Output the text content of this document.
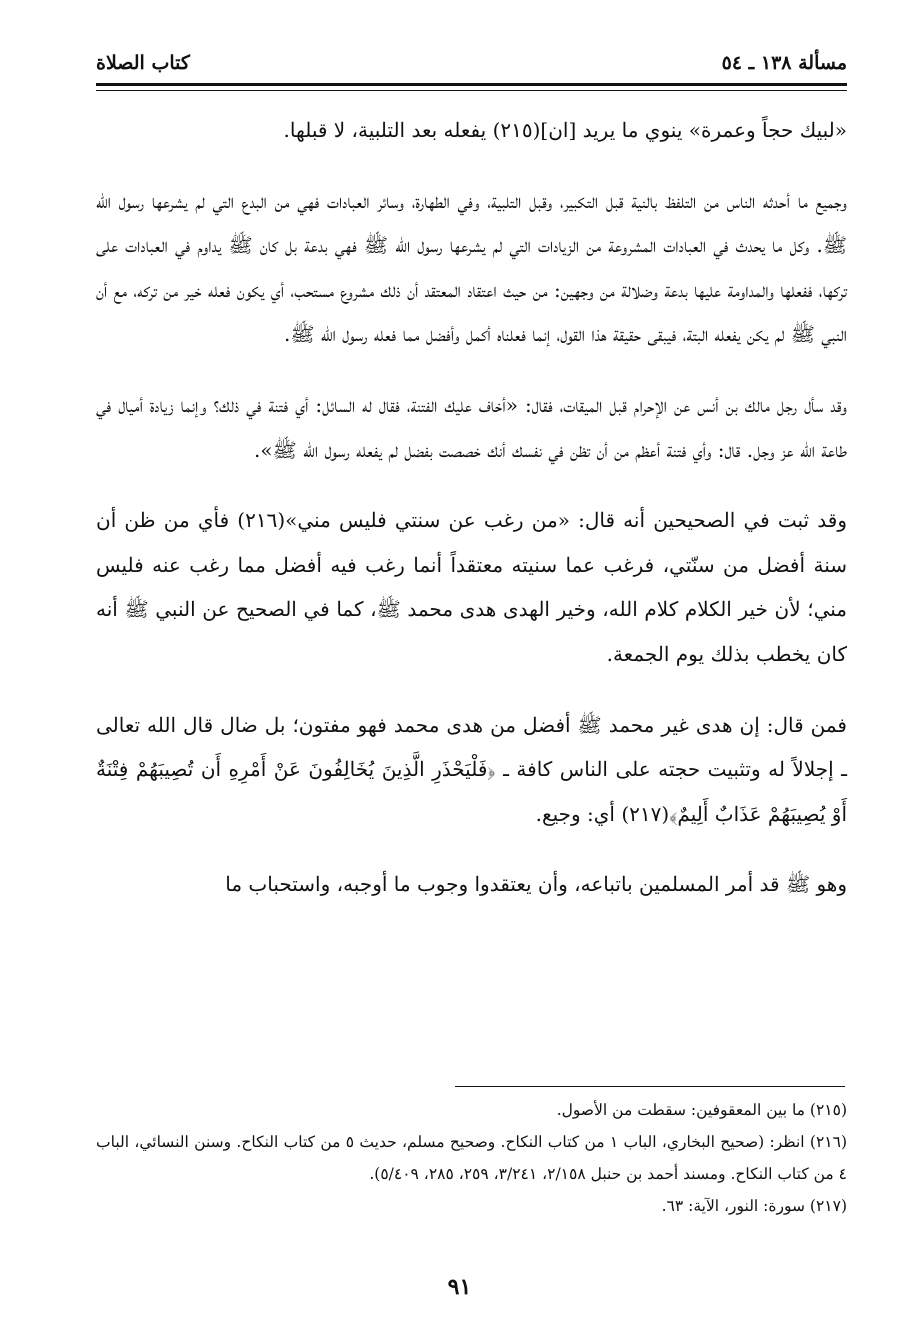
مسألة ١٣٨ ـ ٥٤
كتاب الصلاة

«لبيك حجاً وعمرة» ينوي ما يريد [ان](٢١٥) يفعله بعد التلبية، لا قبلها.

وجميع ما أحدثه الناس من التلفظ بالنية قبل التكبير، وقبل التلبية، وفي الطهارة، وسائر العبادات فهي من البدع التي لم يشرعها رسول الله ﷺ. وكل ما يحدث في العبادات المشروعة من الزيادات التي لم يشرعها رسول الله ﷺ فهي بدعة بل كان ﷺ يداوم في العبادات على تركها، ففعلها والمداومة عليها بدعة وضلالة من وجهين: من حيث اعتقاد المعتقد أن ذلك مشروع مستحب، أي يكون فعله خير من تركه، مع أن النبي ﷺ لم يكن يفعله البتة، فيبقى حقيقة هذا القول، إنما فعلناه أكمل وأفضل مما فعله رسول الله ﷺ.

وقد سأل رجل مالك بن أنس عن الإحرام قبل الميقات، فقال: «أخاف عليك الفتنة، فقال له السائل: أي فتنة في ذلك؟ وإنما زيادة أميال في طاعة الله عز وجل. قال: وأي فتنة أعظم من أن تظن في نفسك أنك خصصت بفضل لم يفعله رسول الله ﷺ».

وقد ثبت في الصحيحين أنه قال: «من رغب عن سنتي فليس مني»(٢١٦) فأي من ظن أن سنة أفضل من سنّتي، فرغب عما سنيته معتقداً أنما رغب فيه أفضل مما رغب عنه فليس مني؛ لأن خير الكلام كلام الله، وخير الهدى هدى محمد ﷺ، كما في الصحيح عن النبي ﷺ أنه كان يخطب بذلك يوم الجمعة.

فمن قال: إن هدى غير محمد ﷺ أفضل من هدى محمد فهو مفتون؛ بل ضال قال الله تعالى ـ إجلالاً له وتثبيت حجته على الناس كافة ـ ﴿فَلْيَحْذَرِ الَّذِينَ يُخَالِفُونَ عَنْ أَمْرِهِ أَن تُصِيبَهُمْ فِتْنَةٌ أَوْ يُصِيبَهُمْ عَذَابٌ أَلِيمٌ﴾(٢١٧) أي: وجيع.

وهو ﷺ قد أمر المسلمين باتباعه، وأن يعتقدوا وجوب ما أوجبه، واستحباب ما

(٢١٥) ما بين المعقوفين: سقطت من الأصول.

(٢١٦) انظر: (صحيح البخاري، الباب ١ من كتاب النكاح. وصحيح مسلم، حديث ٥ من كتاب النكاح. وسنن النسائي، الباب ٤ من كتاب النكاح. ومسند أحمد بن حنبل ٢/١٥٨، ٣/٢٤١، ٢٥٩، ٢٨٥، ٥/٤٠٩).

(٢١٧) سورة: النور، الآية: ٦٣.

٩١
